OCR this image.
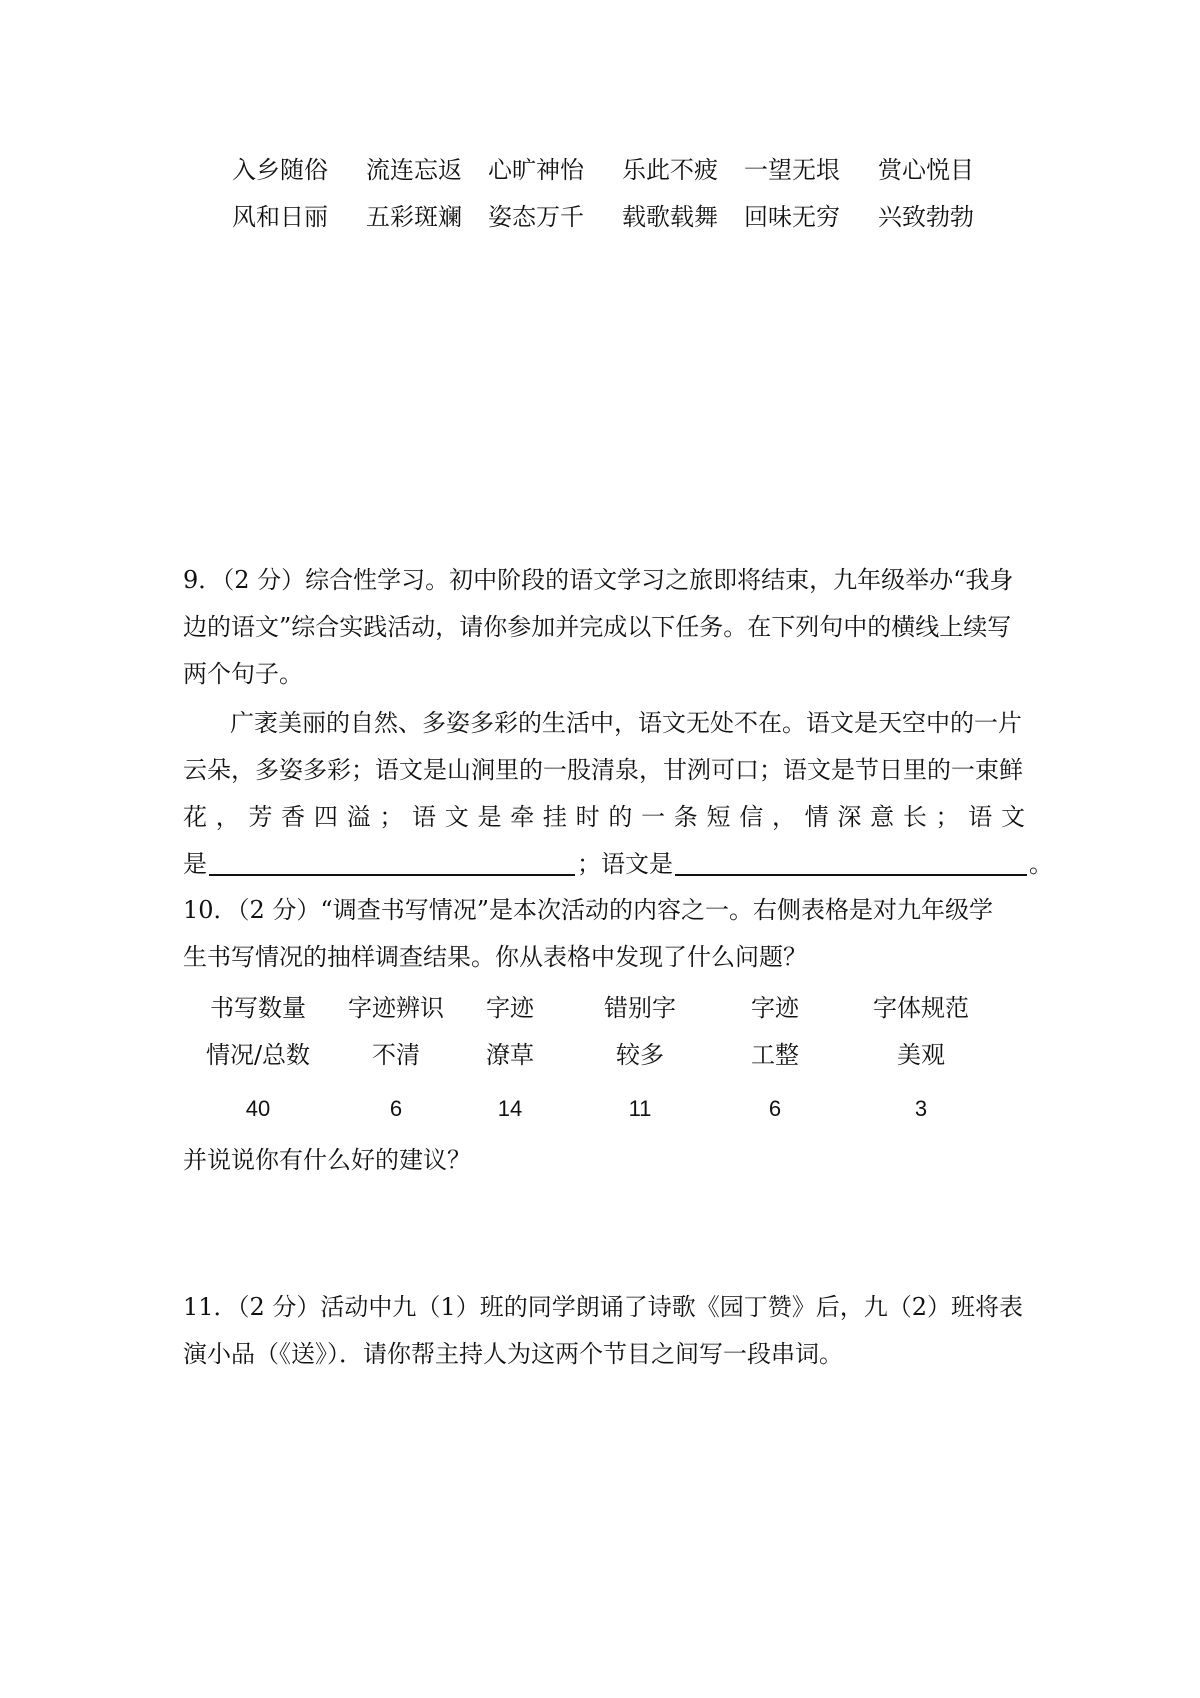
入乡随俗 流连忘返 心旷神怡 乐此不疲 一望无垠 赏心悦目
风和日丽 五彩斑斓 姿态万千 载歌载舞 回味无穷 兴致勃勃
9．（2 分）综合性学习。初中阶段的语文学习之旅即将结束，九年级举办“我身
边的语文”综合实践活动，请你参加并完成以下任务。在下列句中的横线上续写
两个句子。
广袤美丽的自然、多姿多彩的生活中，语文无处不在。语文是天空中的一片
云朵，多姿多彩；语文是山涧里的一股清泉，甘洌可口；语文是节日里的一束鲜
花 ， 芳 香 四 溢 ； 语 文 是 牵 挂 时 的 一 条 短 信 ， 情 深 意 长 ； 语 文
是	；语文是	。
10．（2 分）“调查书写情况”是本次活动的内容之一。右侧表格是对九年级学
生书写情况的抽样调查结果。你从表格中发现了什么问题？
书写数量 字迹辨识 字迹	错别字	字迹	字体规范
情况/总数	不清	潦草	较多	工整	美观
40	6	14	11	6	3
并说说你有什么好的建议？
11．（2 分）活动中九（1）班的同学朗诵了诗歌《园丁赞》后，九（2）班将表
演小品（《送》）．请你帮主持人为这两个节目之间写一段串词。
